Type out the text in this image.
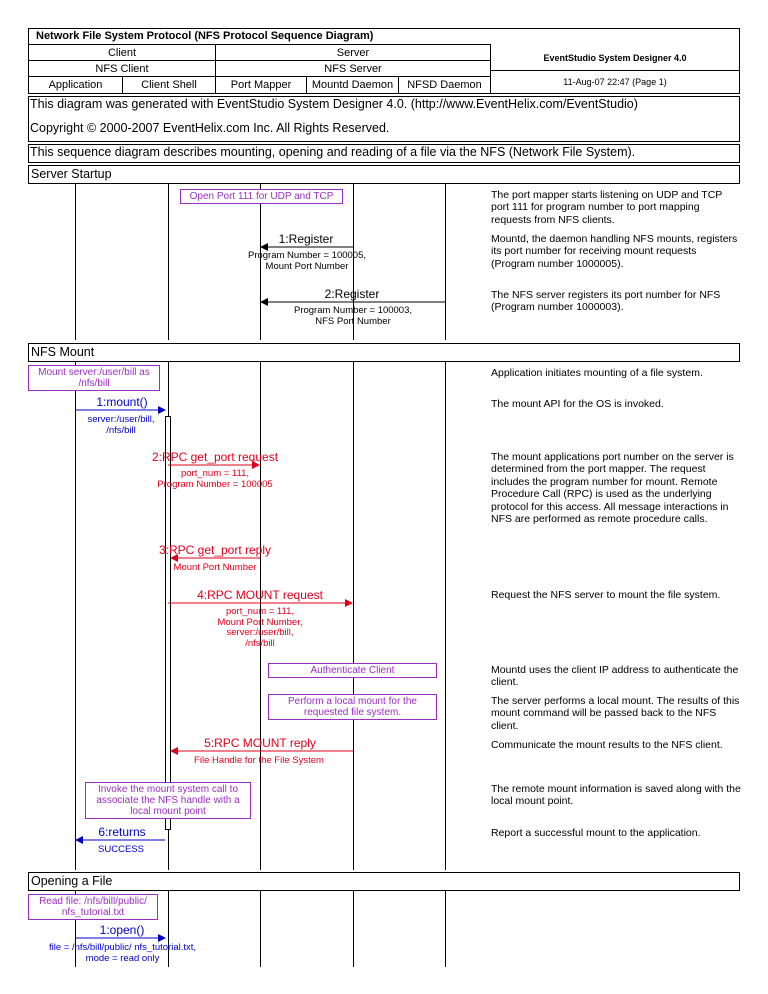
Network File System Protocol (NFS Protocol Sequence Diagram)
Client	Server
NFS Client	NFS Server
Application	Client Shell	Port Mapper	Mountd Daemon	NFSD Daemon
EventStudio System Designer 4.0
11-Aug-07 22:47 (Page 1)
This diagram was generated with EventStudio System Designer 4.0. (http://www.EventHelix.com/EventStudio)
Copyright © 2000-2007 EventHelix.com Inc. All Rights Reserved.
This sequence diagram describes mounting, opening and reading of a file via the NFS (Network File System).
Server Startup
Open Port 111 for UDP and TCP	The port mapper starts listening on UDP and TCP port 111 for program number to port mapping requests from NFS clients.
1:Register
Program Number = 100005,
Mount Port Number
Mountd, the daemon handling NFS mounts, registers its port number for receiving mount requests (Program number 1000005).
2:Register
Program Number = 100003,
NFS Port Number
The NFS server registers its port number for NFS (Program number 1000003).
NFS Mount
Mount server:/user/bill as
/nfs/bill
Application initiates mounting of a file system.
1:mount()
server:/user/bill,
/nfs/bill
The mount API for the OS is invoked.
2:RPC get_port request
port_num = 111,
Program Number = 100005
The mount applications port number on the server is determined from the port mapper. The request includes the program number for mount. Remote Procedure Call (RPC) is used as the underlying protocol for this access. All message interactions in NFS are performed as remote procedure calls.
3:RPC get_port reply
Mount Port Number
4:RPC MOUNT request
port_num = 111,
Mount Port Number,
server:/user/bill,
/nfs/bill
Request the NFS server to mount the file system.
Authenticate Client	Mountd uses the client IP address to authenticate the client.
Perform a local mount for the
requested file system.
The server performs a local mount. The results of this mount command will be passed back to the NFS client.
5:RPC MOUNT reply
File Handle for the File System
Communicate the mount results to the NFS client.
Invoke the mount system call to
associate the NFS handle with a
local mount point
The remote mount information is saved along with the local mount point.
6:returns
SUCCESS
Report a successful mount to the application.
Opening a File
Read file: /nfs/bill/public/
nfs_tutorial.txt
1:open()
file = /nfs/bill/public/ nfs_tutorial.txt,
mode = read only
